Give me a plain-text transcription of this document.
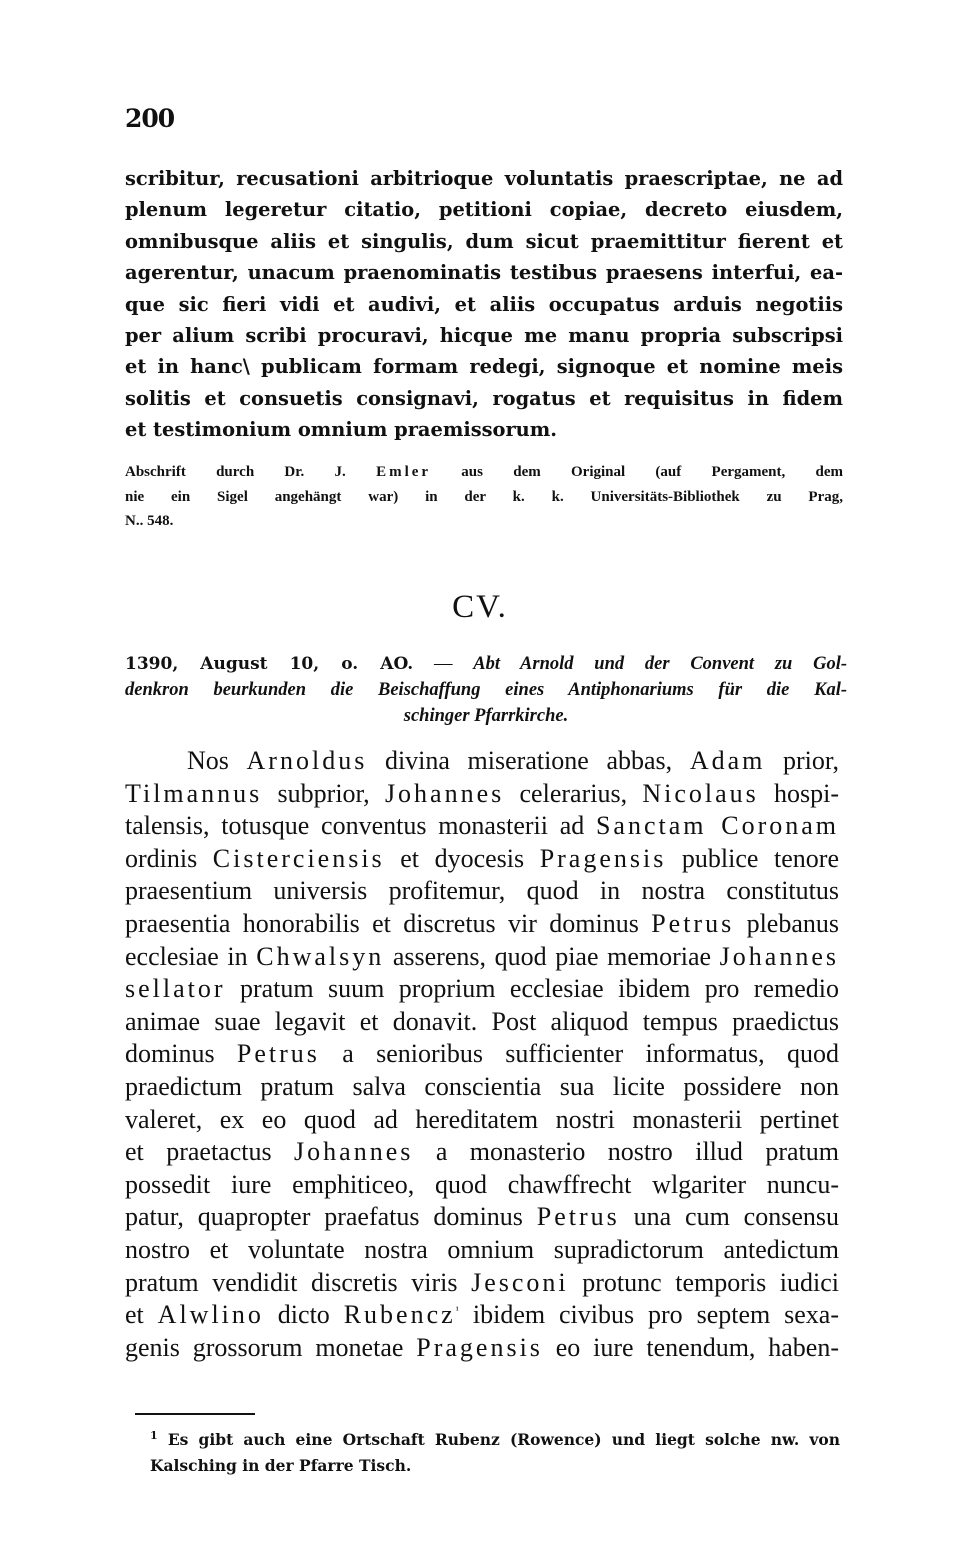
200

scribitur, recusationi arbitrioque voluntatis praescriptae, ne ad
plenum legeretur citatio, petitioni copiae, decreto eiusdem,
omnibusque aliis et singulis, dum sicut praemittitur fierent et
agerentur, unacum praenominatis testibus praesens interfui, ea-
que sic fieri vidi et audivi, et aliis occupatus arduis negotiis
per alium scribi procuravi, hicque me manu propria subscripsi
et in hanc\ publicam formam redegi, signoque et nomine meis
solitis et consuetis consignavi, rogatus et requisitus in fidem
et testimonium omnium praemissorum.

Abschrift durch Dr. J. Emler aus dem Original (auf Pergament, dem
nie ein Sigel angehängt war) in der k. k. Universitäts-Bibliothek zu Prag,
N.. 548.

CV.
1390, August 10, o. AO. — Abt Arnold und der Convent zu Gol-
denkron beurkunden die Beischaffung eines Antiphonariums für die Kal-
schinger Pfarrkirche.

Nos Arnoldus divina miseratione abbas, Adam prior,
Tilmannus subprior, Johannes celerarius, Nicolaus hospi-
talensis, totusque conventus monasterii ad Sanctam Coronam
ordinis Cisterciensis et dyocesis Pragensis publice tenore
praesentium universis profitemur, quod in nostra constitutus
praesentia honorabilis et discretus vir dominus Petrus plebanus
ecclesiae in Chwalsyn asserens, quod piae memoriae Johannes
sellator pratum suum proprium ecclesiae ibidem pro remedio
animae suae legavit et donavit. Post aliquod tempus praedictus
dominus Petrus a senioribus sufficienter informatus, quod
praedictum pratum salva conscientia sua licite possidere non
valeret, ex eo quod ad hereditatem nostri monasterii pertinet
et praetactus Johannes a monasterio nostro illud pratum
possedit iure emphiticeo, quod chawffrecht wlgariter nuncu-
patur, quapropter praefatus dominus Petrus una cum consensu
nostro et voluntate nostra omnium supradictorum antedictum
pratum vendidit discretis viris Jesconi protunc temporis iudici
et Alwlino dicto Rubencz$^{^1}$ ibidem civibus pro septem sexa-
genis grossorum monetae Pragensis eo iure tenendum, haben-

$^1$ Es gibt auch eine Ortschaft Rubenz (Rowence) und liegt solche nw. von
Kalsching in der Pfarre Tisch.
